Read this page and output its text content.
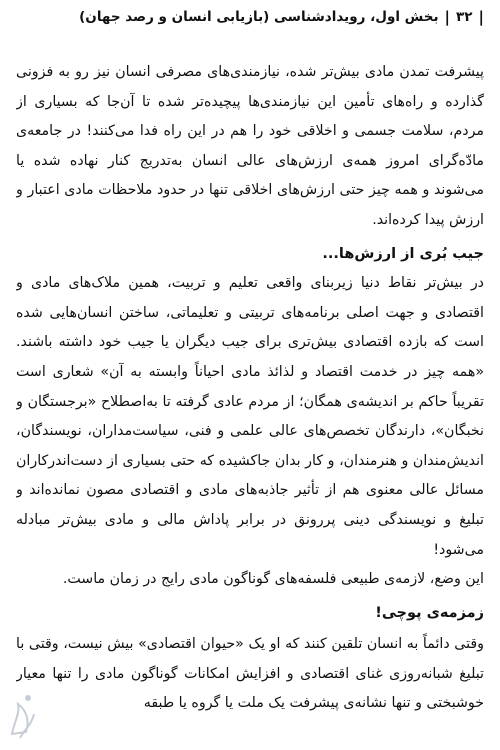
|
۳۲
|
بخش اول، رویدادشناسی (بازیابی انسان و رصد جهان)

پیشرفت تمدن مادی بیش‌تر شده، نیازمندی‌های مصرفی انسان نیز رو به فزونی گذارده و راه‌های تأمین این نیازمندی‌ها پیچیده‌تر شده تا آن‌جا که بسیاری از مردم، سلامت جسمی و اخلاقی خود را هم در این راه فدا می‌کنند! در جامعه‌ی مادّه‌گرای امروز همه‌ی ارزش‌های عالی انسان به‌تدریج کنار نهاده شده یا می‌شوند و همه چیز حتی ارزش‌های اخلاقی تنها در حدود ملاحظات مادی اعتبار و ارزش پیدا کرده‌اند.

جیب بُری از ارزش‌ها...

در بیش‌تر نقاط دنیا زیربنای واقعی تعلیم و تربیت، همین ملاک‌های مادی و اقتصادی و جهت اصلی برنامه‌های تربیتی و تعلیماتی، ساختن انسان‌هایی شده است که بازده اقتصادی بیش‌تری برای جیب دیگران یا جیب خود داشته باشند. «همه چیز در خدمت اقتصاد و لذائذ مادی احیاناً وابسته به آن» شعاری است تقریباً حاکم بر اندیشه‌ی همگان؛ از مردم عادی گرفته تا به‌اصطلاح «برجستگان و نخبگان»، دارندگان تخصص‌های عالی علمی و فنی، سیاست‌مداران، نویسندگان، اندیش‌مندان و هنرمندان، و کار بدان جاکشیده که حتی بسیاری از دست‌اندرکاران مسائل عالی معنوی هم از تأثیر جاذبه‌های مادی و اقتصادی مصون نمانده‌اند و تبلیغ و نویسندگی دینی پررونق در برابر پاداش مالی و مادی بیش‌تر مبادله می‌شود!

این وضع، لازمه‌ی طبیعی فلسفه‌های گوناگون مادی رایج در زمان ماست.

زمزمه‌ی پوچی!

وقتی دائماً به انسان تلقین کنند که او یک «حیوان اقتصادی» بیش نیست، وقتی با تبلیغ شبانه‌روزی غنای اقتصادی و افزایش امکانات گوناگون مادی را تنها معیار خوشبختی و تنها نشانه‌ی پیشرفت یک ملت یا گروه یا طبقه
